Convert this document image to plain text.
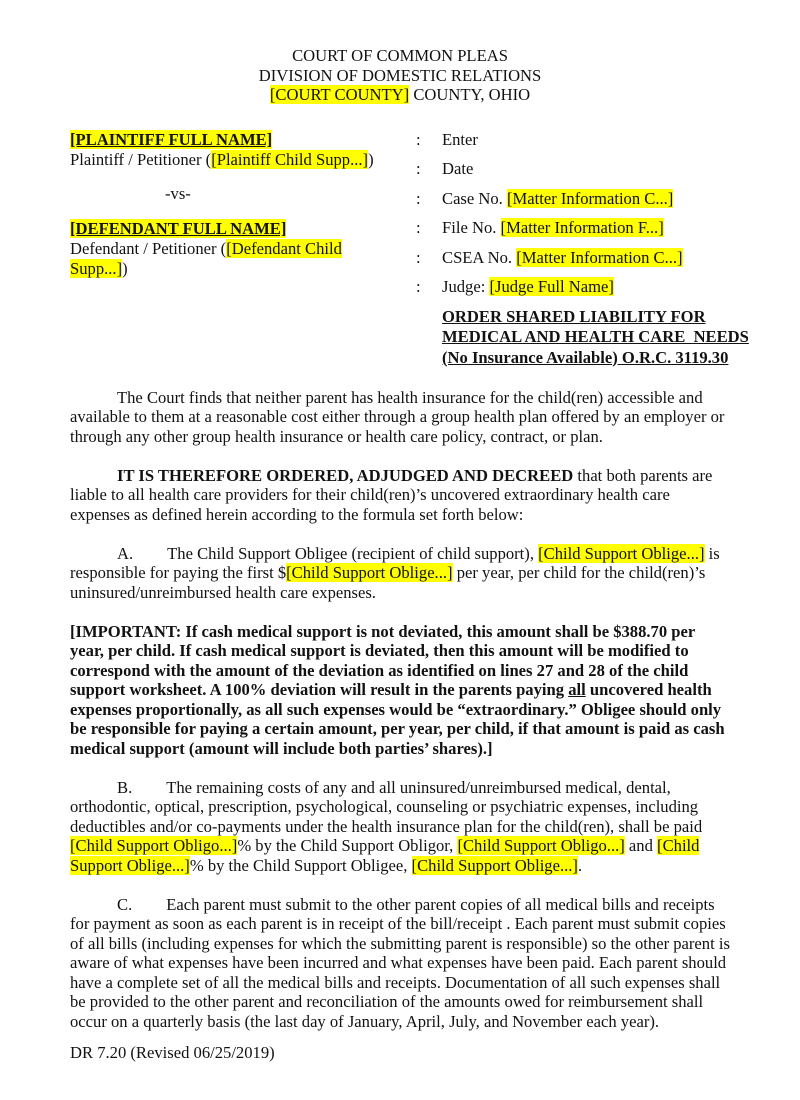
COURT OF COMMON PLEAS
DIVISION OF DOMESTIC RELATIONS
[COURT COUNTY] COUNTY, OHIO
[PLAINTIFF FULL NAME]
Plaintiff / Petitioner ([Plaintiff Child Supp...])
-vs-
[DEFENDANT FULL NAME]
Defendant / Petitioner ([Defendant Child
Supp...])
:	Enter
:	Date
:	Case No. [Matter Information C...]
:	File No. [Matter Information F...]
:	CSEA No. [Matter Information C...]
:	Judge: [Judge Full Name]
ORDER SHARED LIABILITY FOR
MEDICAL AND HEALTH CARE  NEEDS
(No Insurance Available) O.R.C. 3119.30
The Court finds that neither parent has health insurance for the child(ren) accessible and available to them at a reasonable cost either through a group health plan offered by an employer or through any other group health insurance or health care policy, contract, or plan.
IT IS THEREFORE ORDERED, ADJUDGED AND DECREED that both parents are liable to all health care providers for their child(ren)’s uncovered extraordinary health care expenses as defined herein according to the formula set forth below:
A. The Child Support Obligee (recipient of child support), [Child Support Oblige...] is responsible for paying the first $[Child Support Oblige...] per year, per child for the child(ren)’s uninsured/unreimbursed health care expenses.
[IMPORTANT: If cash medical support is not deviated, this amount shall be $388.70 per year, per child. If cash medical support is deviated, then this amount will be modified to correspond with the amount of the deviation as identified on lines 27 and 28 of the child support worksheet. A 100% deviation will result in the parents paying all uncovered health expenses proportionally, as all such expenses would be “extraordinary.” Obligee should only be responsible for paying a certain amount, per year, per child, if that amount is paid as cash medical support (amount will include both parties’ shares).]
B. The remaining costs of any and all uninsured/unreimbursed medical, dental, orthodontic, optical, prescription, psychological, counseling or psychiatric expenses, including deductibles and/or co-payments under the health insurance plan for the child(ren), shall be paid [Child Support Obligo...]% by the Child Support Obligor, [Child Support Obligo...] and [Child Support Oblige...]% by the Child Support Obligee, [Child Support Oblige...].
C. Each parent must submit to the other parent copies of all medical bills and receipts for payment as soon as each parent is in receipt of the bill/receipt . Each parent must submit copies of all bills (including expenses for which the submitting parent is responsible) so the other parent is aware of what expenses have been incurred and what expenses have been paid. Each parent should have a complete set of all the medical bills and receipts. Documentation of all such expenses shall be provided to the other parent and reconciliation of the amounts owed for reimbursement shall occur on a quarterly basis (the last day of January, April, July, and November each year).
DR 7.20 (Revised 06/25/2019)
